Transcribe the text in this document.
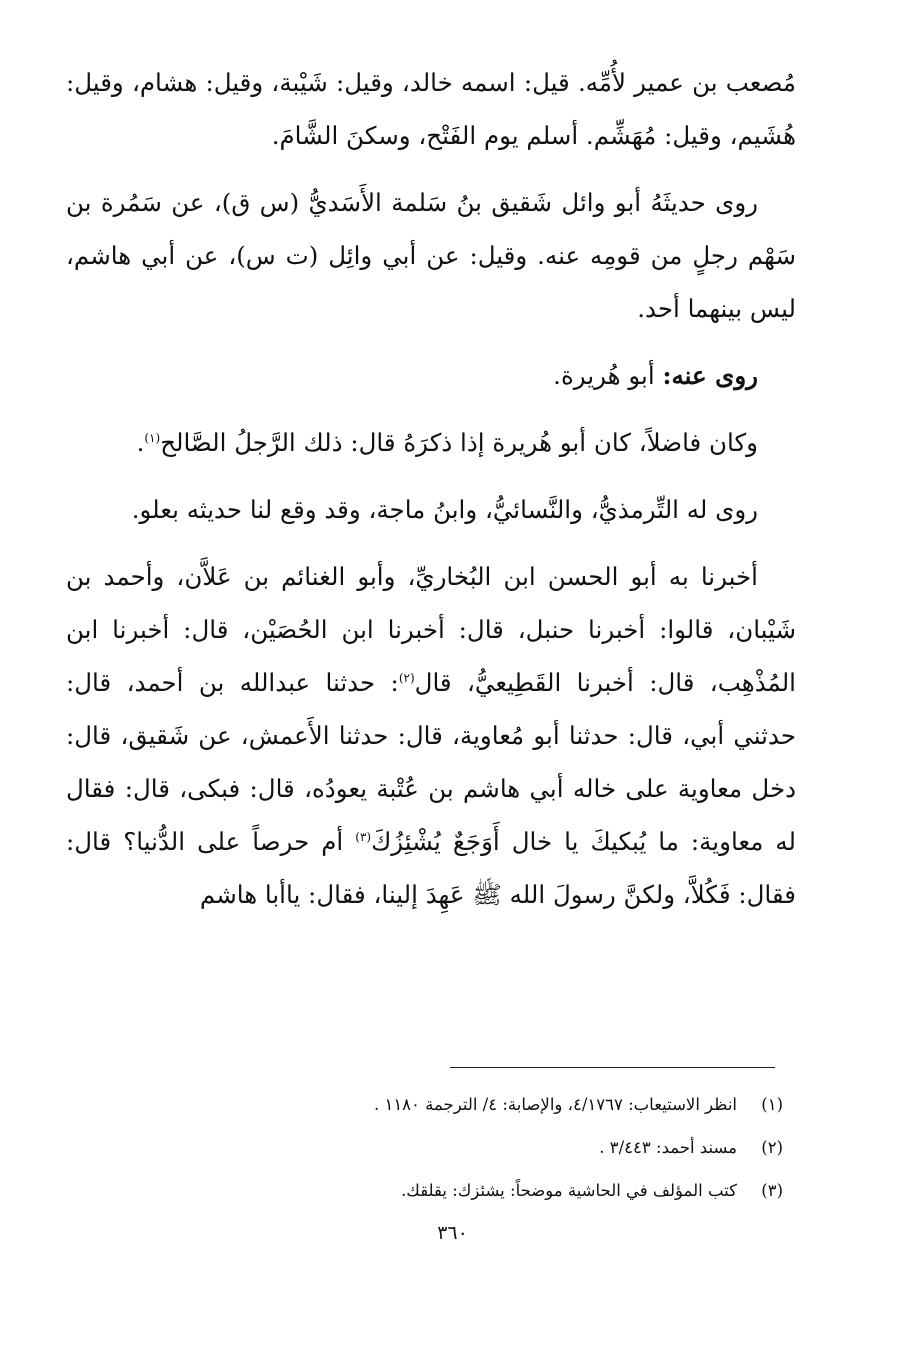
مُصعب بن عمير لأُمِّه. قيل: اسمه خالد، وقيل: شَيْبة، وقيل: هشام، وقيل: هُشَيم، وقيل: مُهَشِّم. أسلم يوم الفَتْح، وسكنَ الشَّامَ.

روى حديثَهُ أبو وائل شَقيق بنُ سَلمة الأَسَديُّ (س ق)، عن سَمُرة بن سَهْم رجلٍ من قومِه عنه. وقيل: عن أبي وائِل (ت س)، عن أبي هاشم، ليس بينهما أحد.

روى عنه: أبو هُريرة.

وكان فاضلاً، كان أبو هُريرة إذا ذكرَهُ قال: ذلك الرَّجلُ الصَّالح$^{(١)}$.

روى له التِّرمذيُّ، والنَّسائيُّ، وابنُ ماجة، وقد وقع لنا حديثه بعلو.

أخبرنا به أبو الحسن ابن البُخاريِّ، وأبو الغنائم بن عَلاَّن، وأحمد بن شَيْبان، قالوا: أخبرنا حنبل، قال: أخبرنا ابن الحُصَيْن، قال: أخبرنا ابن المُذْهِب، قال: أخبرنا القَطِيعيُّ، قال$^{(٢)}$: حدثنا عبدالله بن أحمد، قال: حدثني أبي، قال: حدثنا أبو مُعاوية، قال: حدثنا الأَعمش، عن شَقيق، قال: دخل معاوية على خاله أبي هاشم بن عُتْبة يعودُه، قال: فبكى، قال: فقال له معاوية: ما يُبكيكَ يا خال أَوَجَعٌ يُشْئِزُكَ$^{(٣)}$ أم حرصاً على الدُّنيا؟ قال: فقال: فَكُلاَّ، ولكنَّ رسولَ الله ﷺ عَهِدَ إلينا، فقال: ياأبا هاشم

(١)انظر الاستيعاب: ٤/١٧٦٧، والإصابة: ٤/ الترجمة ١١٨٠ .
(٢)مسند أحمد: ٣/٤٤٣ .
(٣)كتب المؤلف في الحاشية موضحاً: يشئزك: يقلقك.
٣٦٠
